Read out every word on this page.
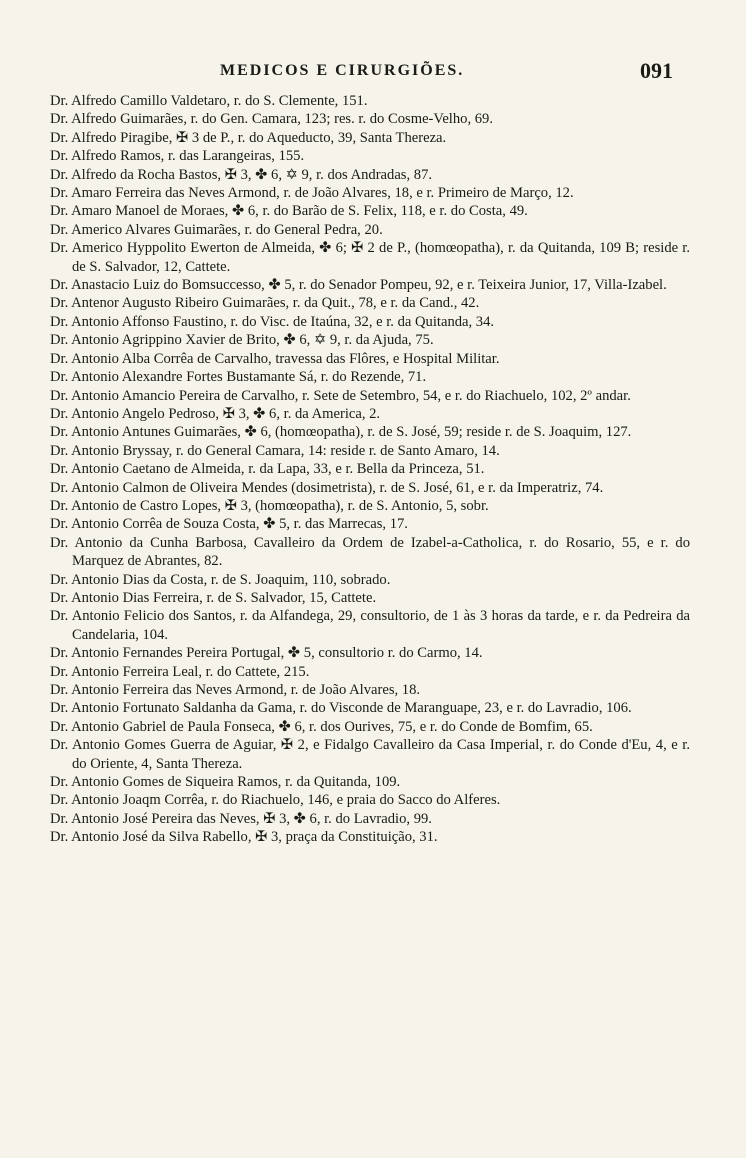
MEDICOS E CIRURGIÕES.	091

Dr. Alfredo Camillo Valdetaro, r. do S. Clemente, 151.

Dr. Alfredo Guimarães, r. do Gen. Camara, 123; res. r. do Cosme-Velho, 69.

Dr. Alfredo Piragibe, ✠ 3 de P., r. do Aqueducto, 39, Santa Thereza.

Dr. Alfredo Ramos, r. das Larangeiras, 155.

Dr. Alfredo da Rocha Bastos, ✠ 3, ✤ 6, ✡ 9, r. dos Andradas, 87.

Dr. Amaro Ferreira das Neves Armond, r. de João Alvares, 18, e r. Primeiro de Março, 12.

Dr. Amaro Manoel de Moraes, ✤ 6, r. do Barão de S. Felix, 118, e r. do Costa, 49.

Dr. Americo Alvares Guimarães, r. do General Pedra, 20.

Dr. Americo Hyppolito Ewerton de Almeida, ✤ 6; ✠ 2 de P., (homœopatha), r. da Quitanda, 109 B; reside r. de S. Salvador, 12, Cattete.

Dr. Anastacio Luiz do Bomsuccesso, ✤ 5, r. do Senador Pompeu, 92, e r. Teixeira Junior, 17, Villa-Izabel.

Dr. Antenor Augusto Ribeiro Guimarães, r. da Quit., 78, e r. da Cand., 42.

Dr. Antonio Affonso Faustino, r. do Visc. de Itaúna, 32, e r. da Quitanda, 34.

Dr. Antonio Agrippino Xavier de Brito, ✤ 6, ✡ 9, r. da Ajuda, 75.

Dr. Antonio Alba Corrêa de Carvalho, travessa das Flôres, e Hospital Militar.

Dr. Antonio Alexandre Fortes Bustamante Sá, r. do Rezende, 71.

Dr. Antonio Amancio Pereira de Carvalho, r. Sete de Setembro, 54, e r. do Riachuelo, 102, 2º andar.

Dr. Antonio Angelo Pedroso, ✠ 3, ✤ 6, r. da America, 2.

Dr. Antonio Antunes Guimarães, ✤ 6, (homœopatha), r. de S. José, 59; reside r. de S. Joaquim, 127.

Dr. Antonio Bryssay, r. do General Camara, 14: reside r. de Santo Amaro, 14.

Dr. Antonio Caetano de Almeida, r. da Lapa, 33, e r. Bella da Princeza, 51.

Dr. Antonio Calmon de Oliveira Mendes (dosimetrista), r. de S. José, 61, e r. da Imperatriz, 74.

Dr. Antonio de Castro Lopes, ✠ 3, (homœopatha), r. de S. Antonio, 5, sobr.

Dr. Antonio Corrêa de Souza Costa, ✤ 5, r. das Marrecas, 17.

Dr. Antonio da Cunha Barbosa, Cavalleiro da Ordem de Izabel-a-Catholica, r. do Rosario, 55, e r. do Marquez de Abrantes, 82.

Dr. Antonio Dias da Costa, r. de S. Joaquim, 110, sobrado.

Dr. Antonio Dias Ferreira, r. de S. Salvador, 15, Cattete.

Dr. Antonio Felicio dos Santos, r. da Alfandega, 29, consultorio, de 1 às 3 horas da tarde, e r. da Pedreira da Candelaria, 104.

Dr. Antonio Fernandes Pereira Portugal, ✤ 5, consultorio r. do Carmo, 14.

Dr. Antonio Ferreira Leal, r. do Cattete, 215.

Dr. Antonio Ferreira das Neves Armond, r. de João Alvares, 18.

Dr. Antonio Fortunato Saldanha da Gama, r. do Visconde de Maranguape, 23, e r. do Lavradio, 106.

Dr. Antonio Gabriel de Paula Fonseca, ✤ 6, r. dos Ourives, 75, e r. do Conde de Bomfim, 65.

Dr. Antonio Gomes Guerra de Aguiar, ✠ 2, e Fidalgo Cavalleiro da Casa Imperial, r. do Conde d'Eu, 4, e r. do Oriente, 4, Santa Thereza.

Dr. Antonio Gomes de Siqueira Ramos, r. da Quitanda, 109.

Dr. Antonio Joaqm Corrêa, r. do Riachuelo, 146, e praia do Sacco do Alferes.

Dr. Antonio José Pereira das Neves, ✠ 3, ✤ 6, r. do Lavradio, 99.

Dr. Antonio José da Silva Rabello, ✠ 3, praça da Constituição, 31.
